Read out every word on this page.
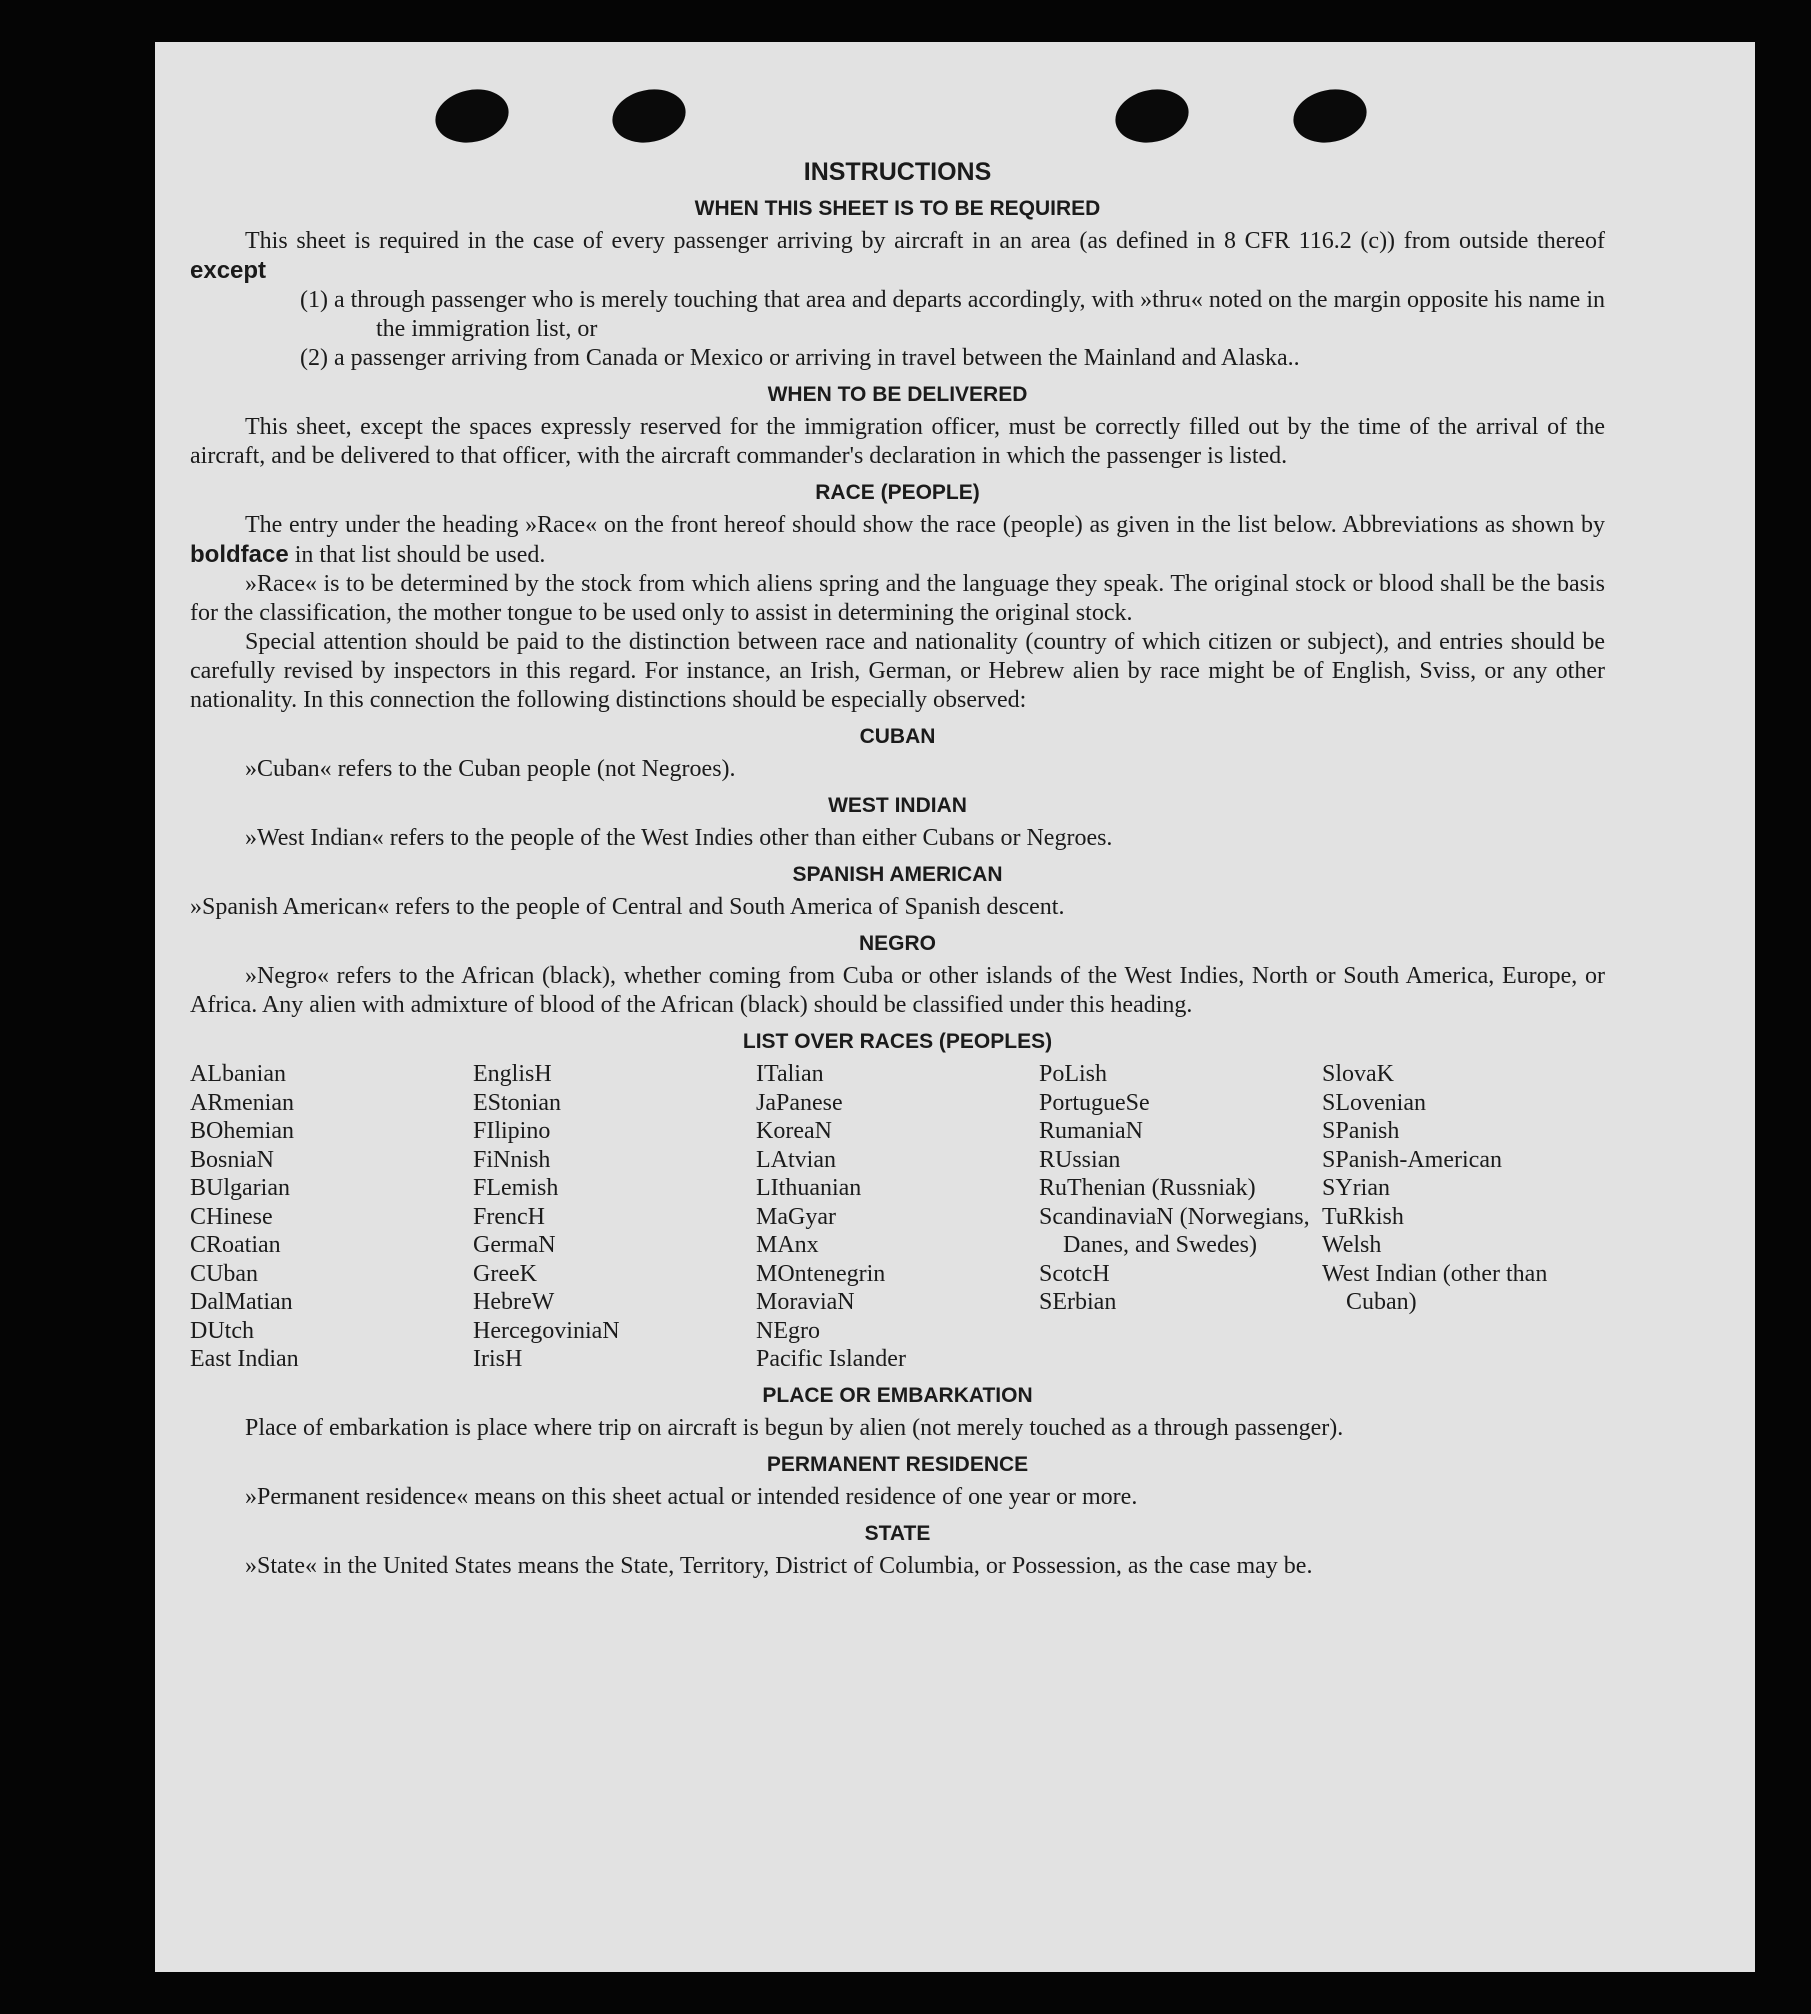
INSTRUCTIONS
WHEN THIS SHEET IS TO BE REQUIRED

This sheet is required in the case of every passenger arriving by aircraft in an area (as defined in 8 CFR 116.2 (c)) from outside thereof except

(1) a through passenger who is merely touching that area and departs accordingly, with »thru« noted on the margin opposite his name in the immigration list, or

(2) a passenger arriving from Canada or Mexico or arriving in travel between the Mainland and Alaska..

WHEN TO BE DELIVERED

This sheet, except the spaces expressly reserved for the immigration officer, must be correctly filled out by the time of the arrival of the aircraft, and be delivered to that officer, with the aircraft commander's declaration in which the passenger is listed.

RACE (PEOPLE)

The entry under the heading »Race« on the front hereof should show the race (people) as given in the list below. Abbreviations as shown by boldface in that list should be used.

»Race« is to be determined by the stock from which aliens spring and the language they speak. The original stock or blood shall be the basis for the classification, the mother tongue to be used only to assist in determining the original stock.

Special attention should be paid to the distinction between race and nationality (country of which citizen or subject), and entries should be carefully revised by inspectors in this regard. For instance, an Irish, German, or Hebrew alien by race might be of English, Sviss, or any other nationality. In this connection the following distinctions should be especially observed:

CUBAN

»Cuban« refers to the Cuban people (not Negroes).

WEST INDIAN

»West Indian« refers to the people of the West Indies other than either Cubans or Negroes.

SPANISH AMERICAN

»Spanish American« refers to the people of Central and South America of Spanish descent.

NEGRO

»Negro« refers to the African (black), whether coming from Cuba or other islands of the West Indies, North or South America, Europe, or Africa. Any alien with admixture of blood of the African (black) should be classified under this heading.

LIST OVER RACES (PEOPLES)
ALbanian
ARmenian
BOhemian
BosniaN
BUlgarian
CHinese
CRoatian
CUban
DalMatian
DUtch
East Indian
EnglisH
EStonian
FIlipino
FiNnish
FLemish
FrencH
GermaN
GreeK
HebreW
HercegoviniaN
IrisH
ITalian
JaPanese
KoreaN
LAtvian
LIthuanian
MaGyar
MAnx
MOntenegrin
MoraviaN
NEgro
Pacific Islander
PoLish
PortugueSe
RumaniaN
RUssian
RuThenian (Russniak)
ScandinaviaN (Norwegians, Danes, and Swedes)
ScotcH
SErbian
SlovaK
SLovenian
SPanish
SPanish-American
SYrian
TuRkish
Welsh
West Indian (other than Cuban)
PLACE OR EMBARKATION

Place of embarkation is place where trip on aircraft is begun by alien (not merely touched as a through passenger).

PERMANENT RESIDENCE

»Permanent residence« means on this sheet actual or intended residence of one year or more.

STATE

»State« in the United States means the State, Territory, District of Columbia, or Possession, as the case may be.
